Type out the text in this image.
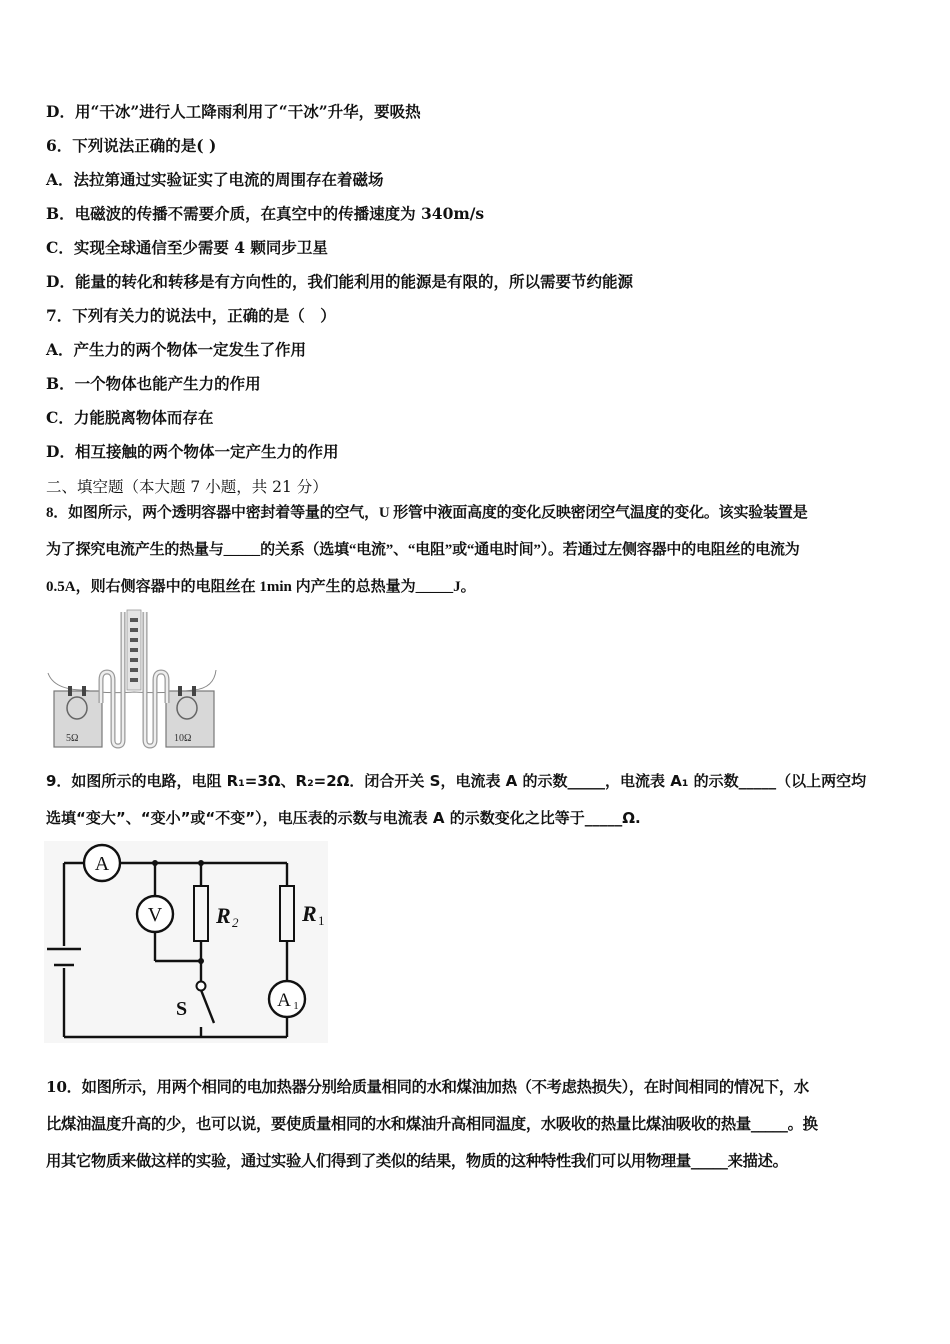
D．用“干冰”进行人工降雨利用了“干冰”升华，要吸热
6．下列说法正确的是( )
A．法拉第通过实验证实了电流的周围存在着磁场
B．电磁波的传播不需要介质，在真空中的传播速度为 340m/s
C．实现全球通信至少需要 4 颗同步卫星
D．能量的转化和转移是有方向性的，我们能利用的能源是有限的，所以需要节约能源
7．下列有关力的说法中，正确的是（　）
A．产生力的两个物体一定发生了作用
B．一个物体也能产生力的作用
C．力能脱离物体而存在
D．相互接触的两个物体一定产生力的作用
二、填空题（本大题 7 小题，共 21 分）
8．如图所示，两个透明容器中密封着等量的空气，U 形管中液面高度的变化反映密闭空气温度的变化。该实验装置是
为了探究电流产生的热量与_____的关系（选填“电流”、“电阻”或“通电时间”）。若通过左侧容器中的电阻丝的电流为
0.5A，则右侧容器中的电阻丝在 1min 内产生的总热量为_____J。
5Ω	10Ω
9．如图所示的电路，电阻 R₁=3Ω、R₂=2Ω．闭合开关 S，电流表 A 的示数_____，电流表 A₁ 的示数_____（以上两空均
选填“变大”、“变小”或“不变”），电压表的示数与电流表 A 的示数变化之比等于_____Ω.
A
V
A 1
R 2	R 1
S
10．如图所示，用两个相同的电加热器分别给质量相同的水和煤油加热（不考虑热损失），在时间相同的情况下，水
比煤油温度升高的少，也可以说，要使质量相同的水和煤油升高相同温度，水吸收的热量比煤油吸收的热量_____。换
用其它物质来做这样的实验，通过实验人们得到了类似的结果，物质的这种特性我们可以用物理量_____来描述。
